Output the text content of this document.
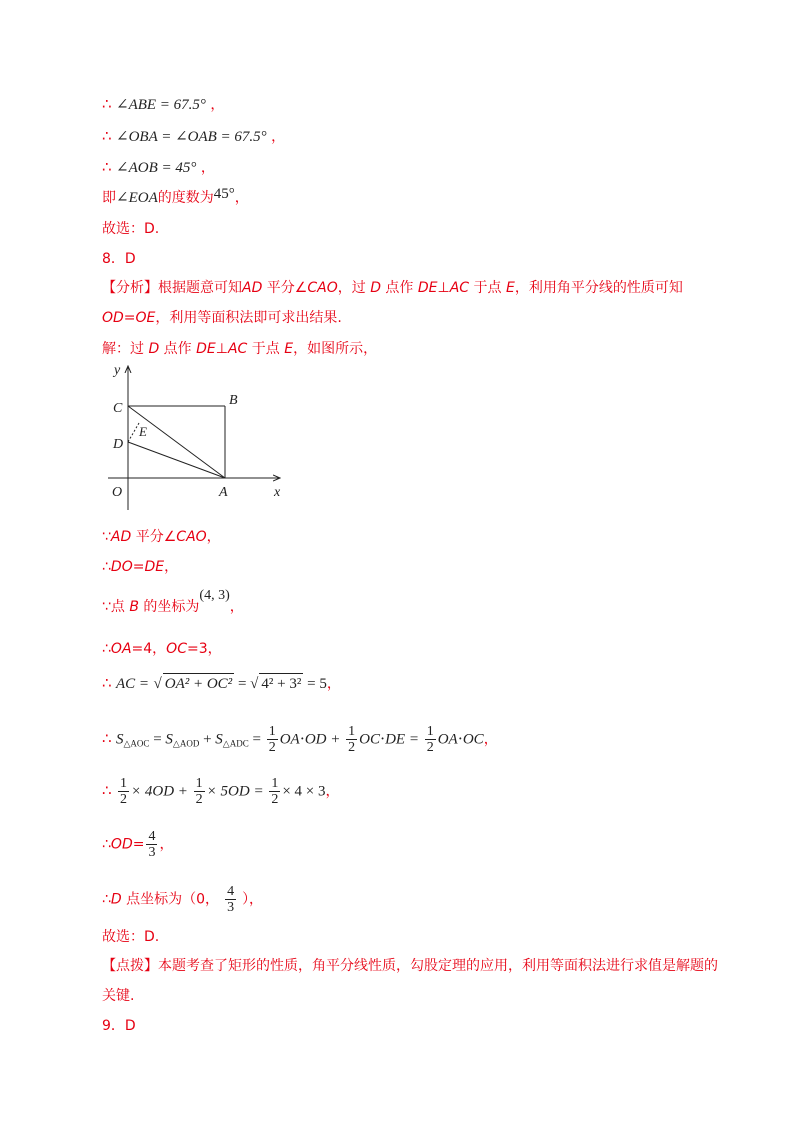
∴ ∠ABE = 67.5° ，
∴ ∠OBA = ∠OAB = 67.5° ，
∴ ∠AOB = 45° ，
即∠EOA的度数为45°，
故选：D.
8．D
【分析】根据题意可知AD 平分∠CAO，过 D 点作 DE⊥AC 于点 E，利用角平分线的性质可知
OD=OE，利用等面积法即可求出结果.
解：过 D 点作 DE⊥AC 于点 E，如图所示，
y
x
B
C
D
E
O	A
∵AD 平分∠CAO，
∴DO=DE，
∵点 B 的坐标为(4, 3)，
∴OA=4，OC=3，
∴ AC = √ OA² + OC² = √ 4² + 3² = 5，
∴ $S_{\triangle AOC} = S_{\triangle AOD} + S_{\triangle ADC} = \frac{1}{2} OA\cdot OD + \frac{1}{2} OC\cdot DE = \frac{1}{2} OA\cdot OC$，
∴ $\frac{1}{2} \times 4OD + \frac{1}{2} \times 5OD = \frac{1}{2} \times 4 \times 3$，
∴OD= $\frac{4}{3}$ ，
∴D 点坐标为（0， $\frac{4}{3}$ ），
故选：D.
【点拨】本题考查了矩形的性质，角平分线性质，勾股定理的应用，利用等面积法进行求值是解题的
关键.
9．D
